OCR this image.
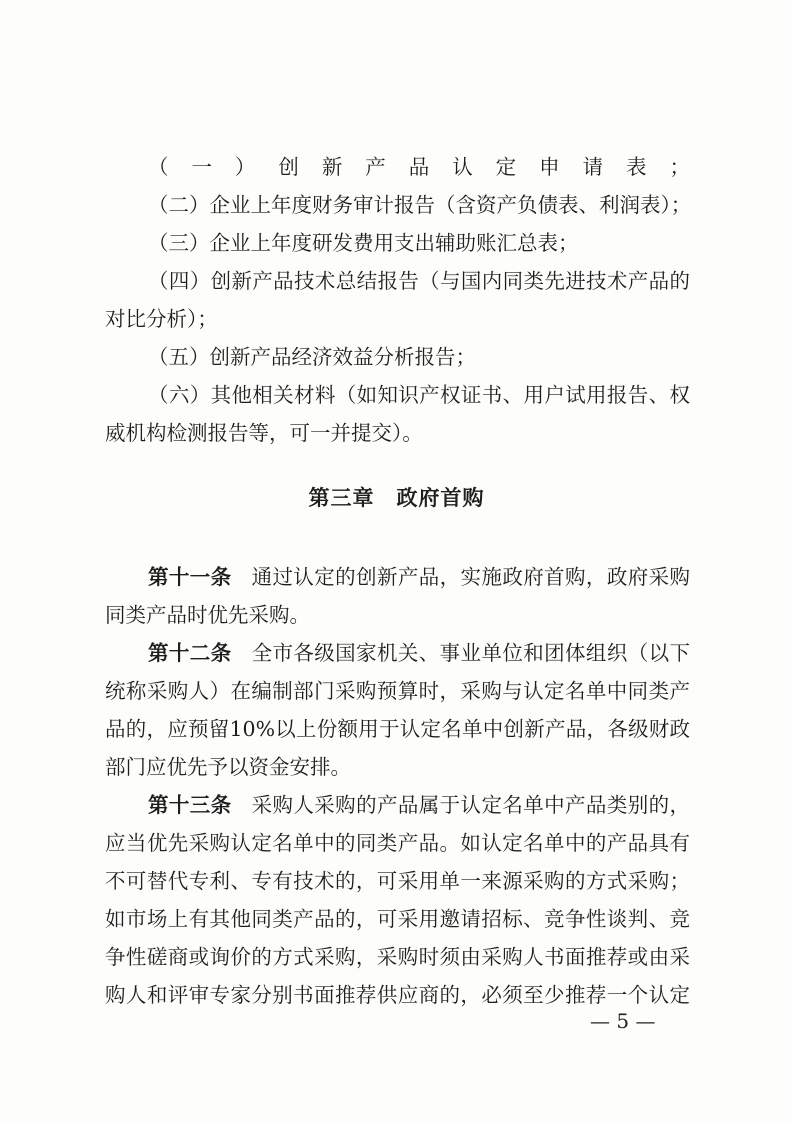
（一）创新产品认定申请表；
（二）企业上年度财务审计报告（含资产负债表、利润表）；
（三）企业上年度研发费用支出辅助账汇总表；
（四）创新产品技术总结报告（与国内同类先进技术产品的
对比分析）；
（五）创新产品经济效益分析报告；
（六）其他相关材料（如知识产权证书、用户试用报告、权
威机构检测报告等，可一并提交）。
第三章 政府首购
第十一条 通过认定的创新产品，实施政府首购，政府采购
同类产品时优先采购。
第十二条 全市各级国家机关、事业单位和团体组织（以下
统称采购人）在编制部门采购预算时，采购与认定名单中同类产
品的，应预留10%以上份额用于认定名单中创新产品，各级财政
部门应优先予以资金安排。
第十三条 采购人采购的产品属于认定名单中产品类别的，
应当优先采购认定名单中的同类产品。如认定名单中的产品具有
不可替代专利、专有技术的，可采用单一来源采购的方式采购；
如市场上有其他同类产品的，可采用邀请招标、竞争性谈判、竞
争性磋商或询价的方式采购，采购时须由采购人书面推荐或由采
购人和评审专家分别书面推荐供应商的，必须至少推荐一个认定
— 5 —
